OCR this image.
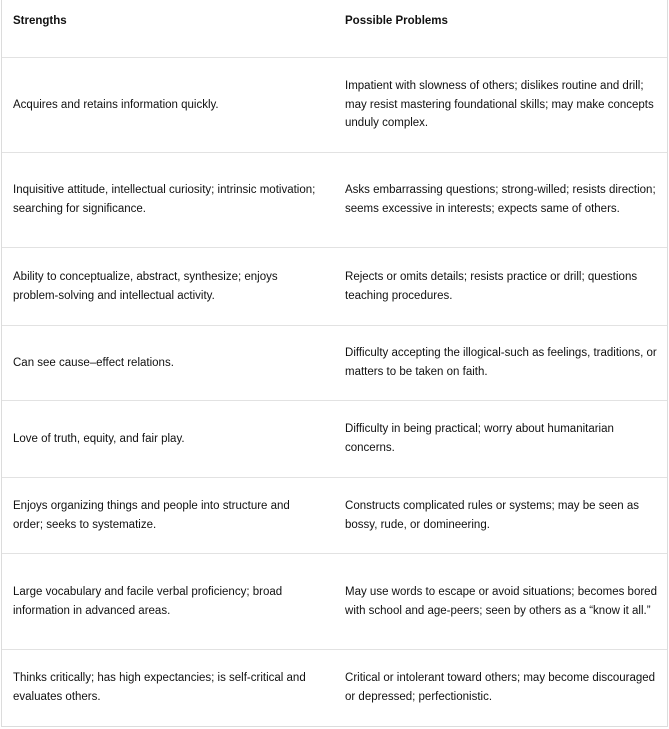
Strengths	Possible Problems
Acquires and retains information quickly.
Impatient with slowness of others; dislikes routine and drill; may resist mastering foundational skills; may make concepts unduly complex.
Inquisitive attitude, intellectual curiosity; intrinsic motivation; searching for significance.
Asks embarrassing questions; strong-willed; resists direction; seems excessive in interests; expects same of others.
Ability to conceptualize, abstract, synthesize; enjoys problem-solving and intellectual activity.
Rejects or omits details; resists practice or drill; questions teaching procedures.
Can see cause–effect relations.
Difficulty accepting the illogical-such as feelings, traditions, or matters to be taken on faith.
Love of truth, equity, and fair play.
Difficulty in being practical; worry about humanitarian concerns.
Enjoys organizing things and people into structure and order; seeks to systematize.
Constructs complicated rules or systems; may be seen as bossy, rude, or domineering.
Large vocabulary and facile verbal proficiency; broad information in advanced areas.
May use words to escape or avoid situations; becomes bored with school and age-peers; seen by others as a “know it all.”
Thinks critically; has high expectancies; is self-critical and evaluates others.
Critical or intolerant toward others; may become discouraged or depressed; perfectionistic.
